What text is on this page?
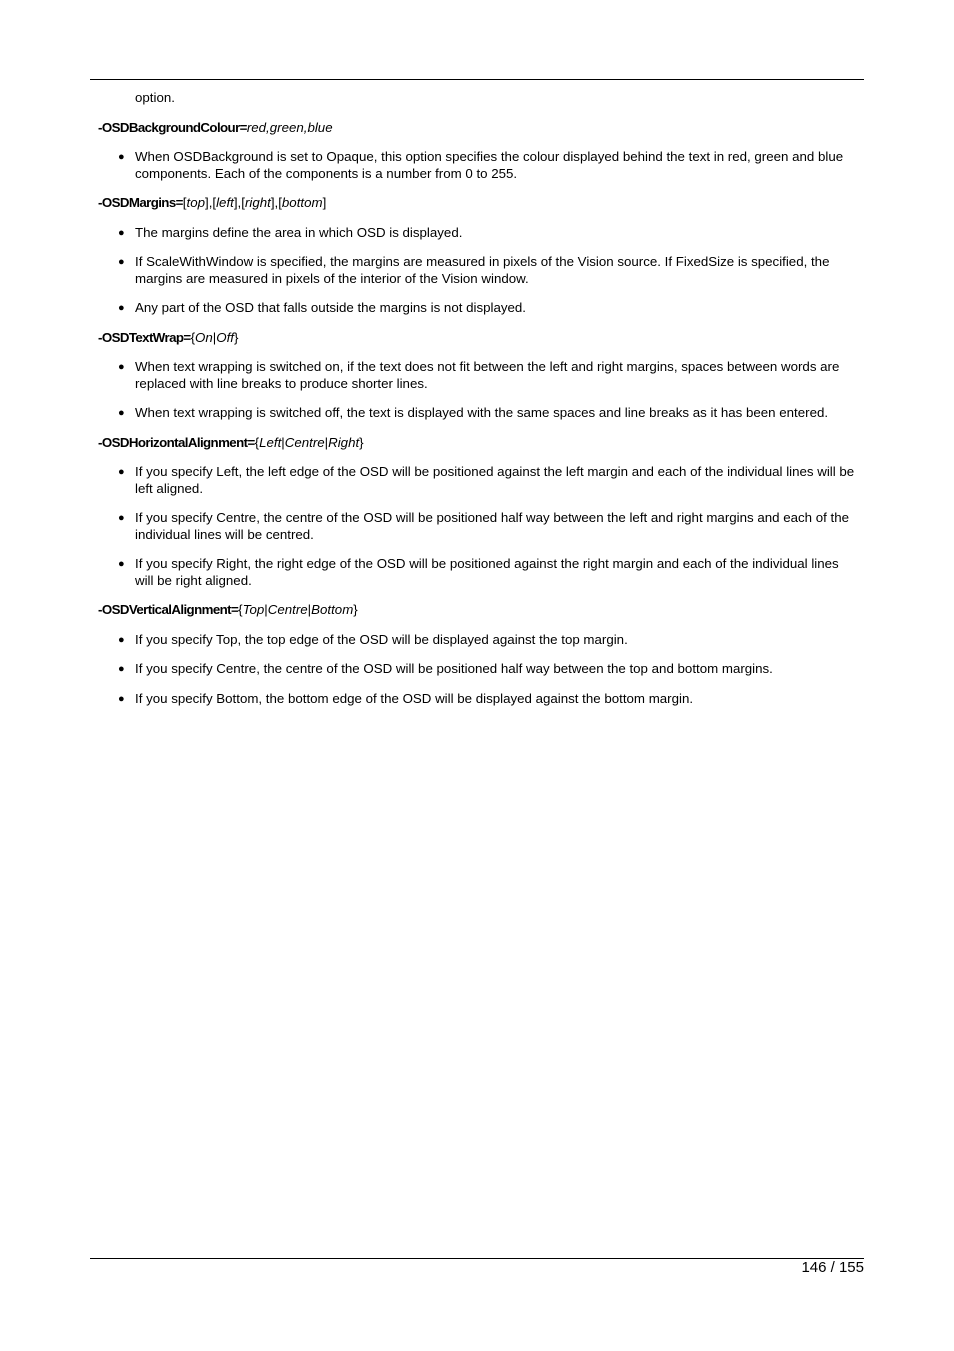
option.

-OSDBackgroundColour=red,green,blue

● When OSDBackground is set to Opaque, this option specifies the colour displayed behind the text in red, green and blue components. Each of the components is a number from 0 to 255.

-OSDMargins=[top],[left],[right],[bottom]

● The margins define the area in which OSD is displayed.
● If ScaleWithWindow is specified, the margins are measured in pixels of the Vision source. If FixedSize is specified, the margins are measured in pixels of the interior of the Vision window.
● Any part of the OSD that falls outside the margins is not displayed.

-OSDTextWrap={On|Off}

● When text wrapping is switched on, if the text does not fit between the left and right margins, spaces between words are replaced with line breaks to produce shorter lines.
● When text wrapping is switched off, the text is displayed with the same spaces and line breaks as it has been entered.

-OSDHorizontalAlignment={Left|Centre|Right}

● If you specify Left, the left edge of the OSD will be positioned against the left margin and each of the individual lines will be left aligned.
● If you specify Centre, the centre of the OSD will be positioned half way between the left and right margins and each of the individual lines will be centred.
● If you specify Right, the right edge of the OSD will be positioned against the right margin and each of the individual lines will be right aligned.

-OSDVerticalAlignment={Top|Centre|Bottom}

● If you specify Top, the top edge of the OSD will be displayed against the top margin.
● If you specify Centre, the centre of the OSD will be positioned half way between the top and bottom margins.
● If you specify Bottom, the bottom edge of the OSD will be displayed against the bottom margin.
146 / 155
